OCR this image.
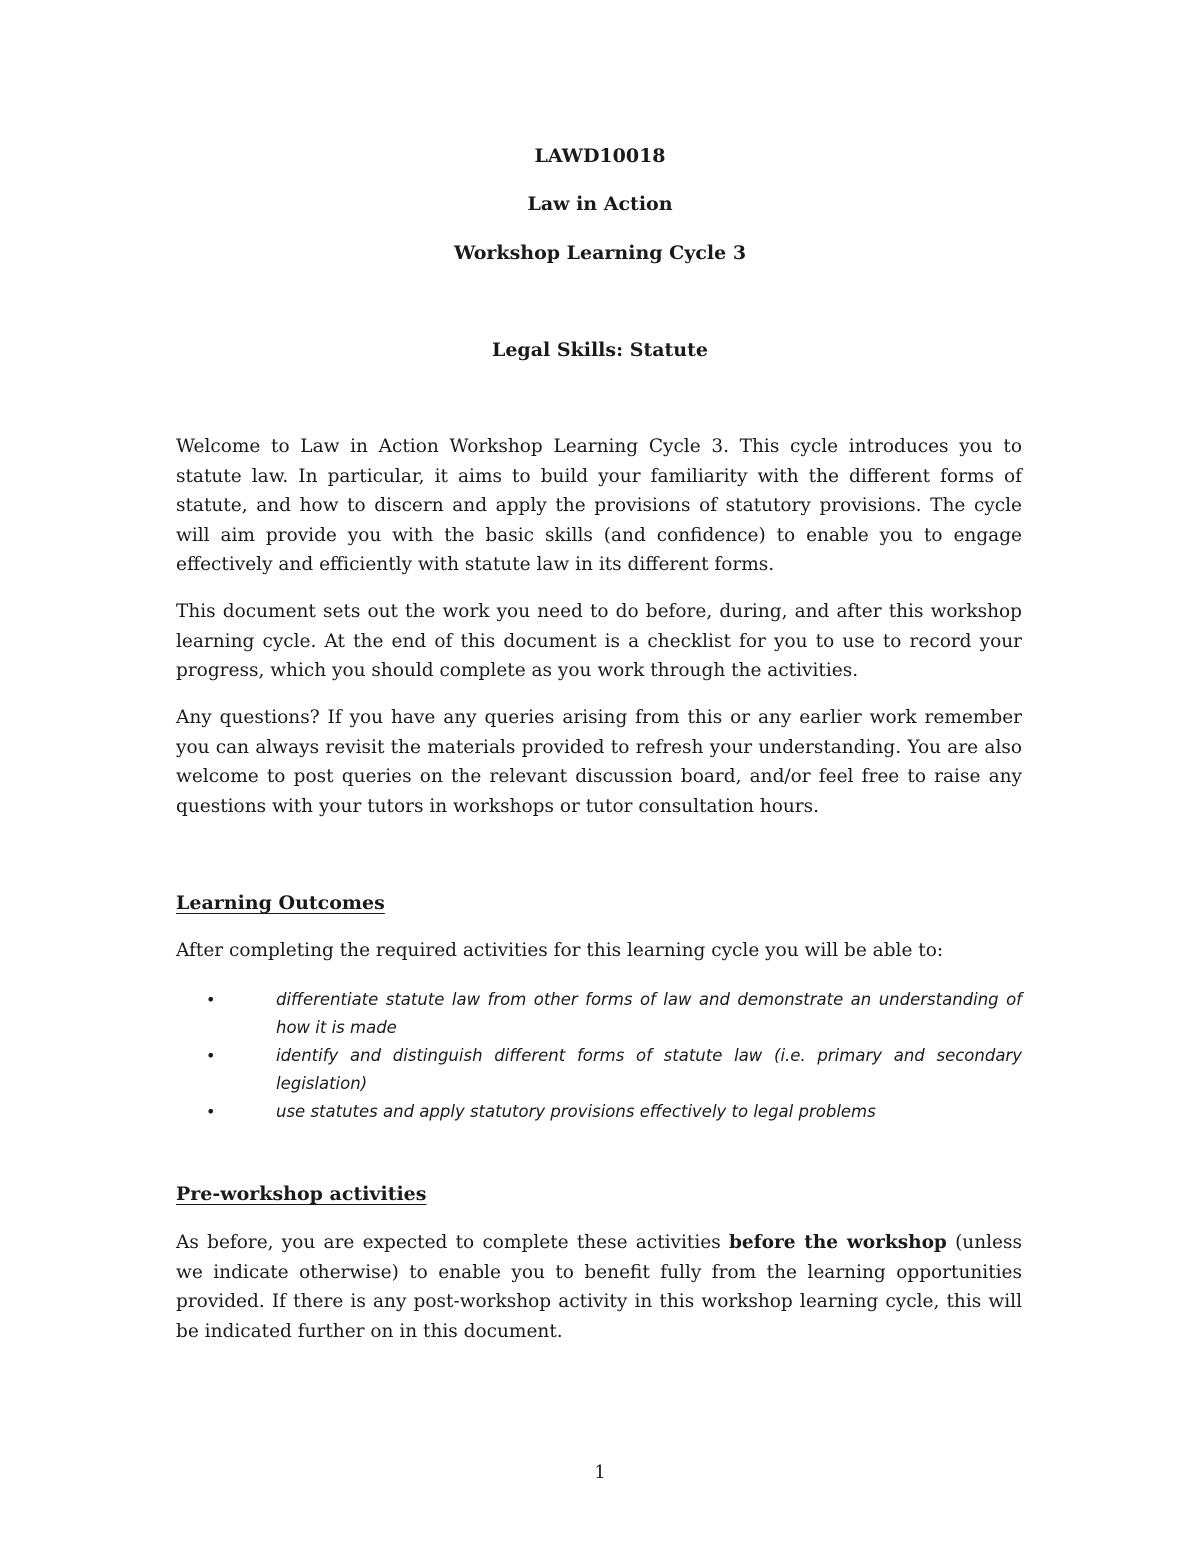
LAWD10018
Law in Action
Workshop Learning Cycle 3
Legal Skills: Statute

Welcome to Law in Action Workshop Learning Cycle 3. This cycle introduces you to statute law. In particular, it aims to build your familiarity with the different forms of statute, and how to discern and apply the provisions of statutory provisions. The cycle will aim provide you with the basic skills (and confidence) to enable you to engage effectively and efficiently with statute law in its different forms.

This document sets out the work you need to do before, during, and after this workshop learning cycle. At the end of this document is a checklist for you to use to record your progress, which you should complete as you work through the activities.

Any questions? If you have any queries arising from this or any earlier work remember you can always revisit the materials provided to refresh your understanding. You are also welcome to post queries on the relevant discussion board, and/or feel free to raise any questions with your tutors in workshops or tutor consultation hours.

Learning Outcomes

After completing the required activities for this learning cycle you will be able to:

•	differentiate statute law from other forms of law and demonstrate an understanding of how it is made
•	identify and distinguish different forms of statute law (i.e. primary and secondary legislation)
•	use statutes and apply statutory provisions effectively to legal problems
Pre-workshop activities

As before, you are expected to complete these activities before the workshop (unless we indicate otherwise) to enable you to benefit fully from the learning opportunities provided. If there is any post-workshop activity in this workshop learning cycle, this will be indicated further on in this document.

1
